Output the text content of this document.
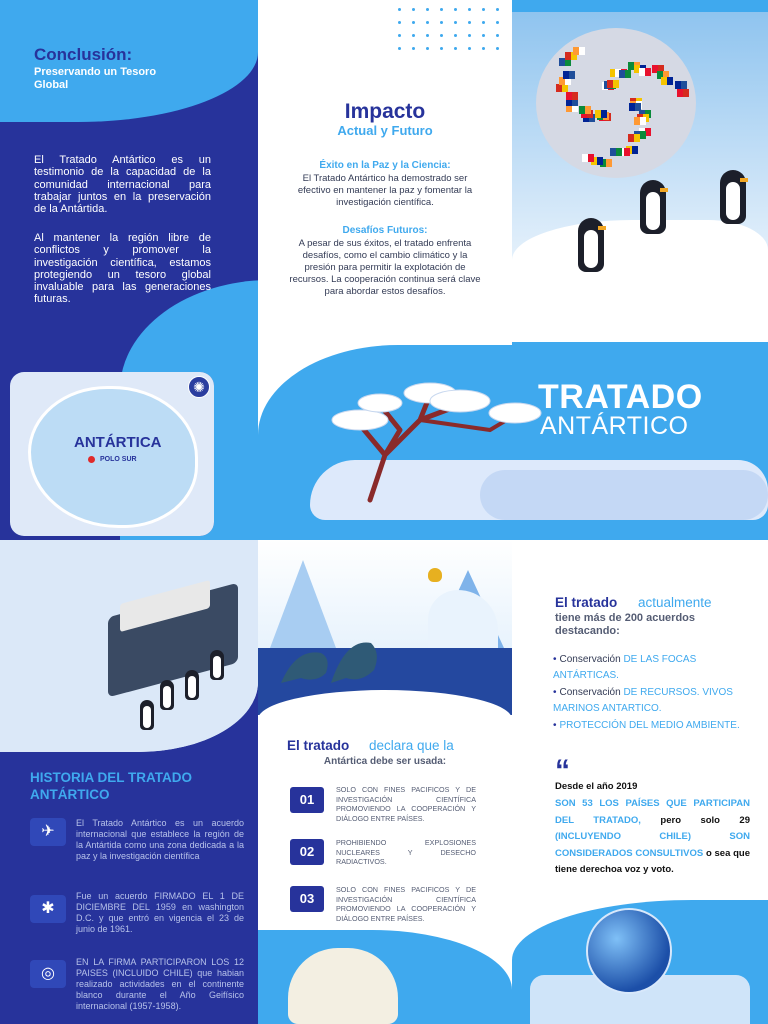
Conclusión:
Preservando un Tesoro Global
El Tratado Antártico es un testimonio de la capacidad de la comunidad internacional para trabajar juntos en la preservación de la Antártida.
Al mantener la región libre de conflictos y promover la investigación científica, estamos protegiendo un tesoro global invaluable para las generaciones futuras.
ANTÁRTICA
POLO SUR
✺
Impacto
Actual y Futuro
Éxito en la Paz y la Ciencia:
El Tratado Antártico ha demostrado ser efectivo en mantener la paz y fomentar la investigación científica.
Desafíos Futuros:
A pesar de sus éxitos, el tratado enfrenta desafíos, como el cambio climático y la presión para permitir la explotación de recursos. La cooperación continua será clave para abordar estos desafíos.
TRATADO
ANTÁRTICO
HISTORIA DEL TRATADO
ANTÁRTICO
✈	El Tratado Antártico es un acuerdo internacional que establece la región de la Antártida como una zona dedicada a la paz y la investigación científica
✱
Fue un acuerdo FIRMADO EL 1 DE DICIEMBRE DEL 1959 en washington D.C. y que entró en vigencia el 23 de junio de 1961.
◎
EN LA FIRMA PARTICIPARON LOS 12 PAISES (INCLUIDO CHILE) que habian realizado actividades en el continente blanco durante el Año Geifísico internacional (1957-1958).
El tratado declara que la
Antártica debe ser usada:
01
SOLO CON FINES PACIFICOS Y DE INVESTIGACIÓN CIENTÍFICA PROMOVIENDO LA COOPERACIÓN Y DIÁLOGO ENTRE PAÍSES.
02
PROHIBIENDO EXPLOSIONES NUCLEARES Y DESECHO RADIACTIVOS.
03
SOLO CON FINES PACIFICOS Y DE INVESTIGACIÓN CIENTÍFICA PROMOVIENDO LA COOPERACIÓN Y DIÁLOGO ENTRE PAÍSES.
El tratado actualmente
tiene más de 200 acuerdos destacando:
• Conservación DE LAS FOCAS ANTÁRTICAS.
• Conservación DE RECURSOS. VIVOS MARINOS ANTARTICO.
• PROTECCIÓN DEL MEDIO AMBIENTE.
“
Desde el año 2019
SON 53 LOS PAÍSES QUE PARTICIPAN DEL TRATADO, pero solo 29 (INCLUYENDO CHILE) SON CONSIDERADOS CONSULTIVOS o sea que tiene derechoa voz y voto.
